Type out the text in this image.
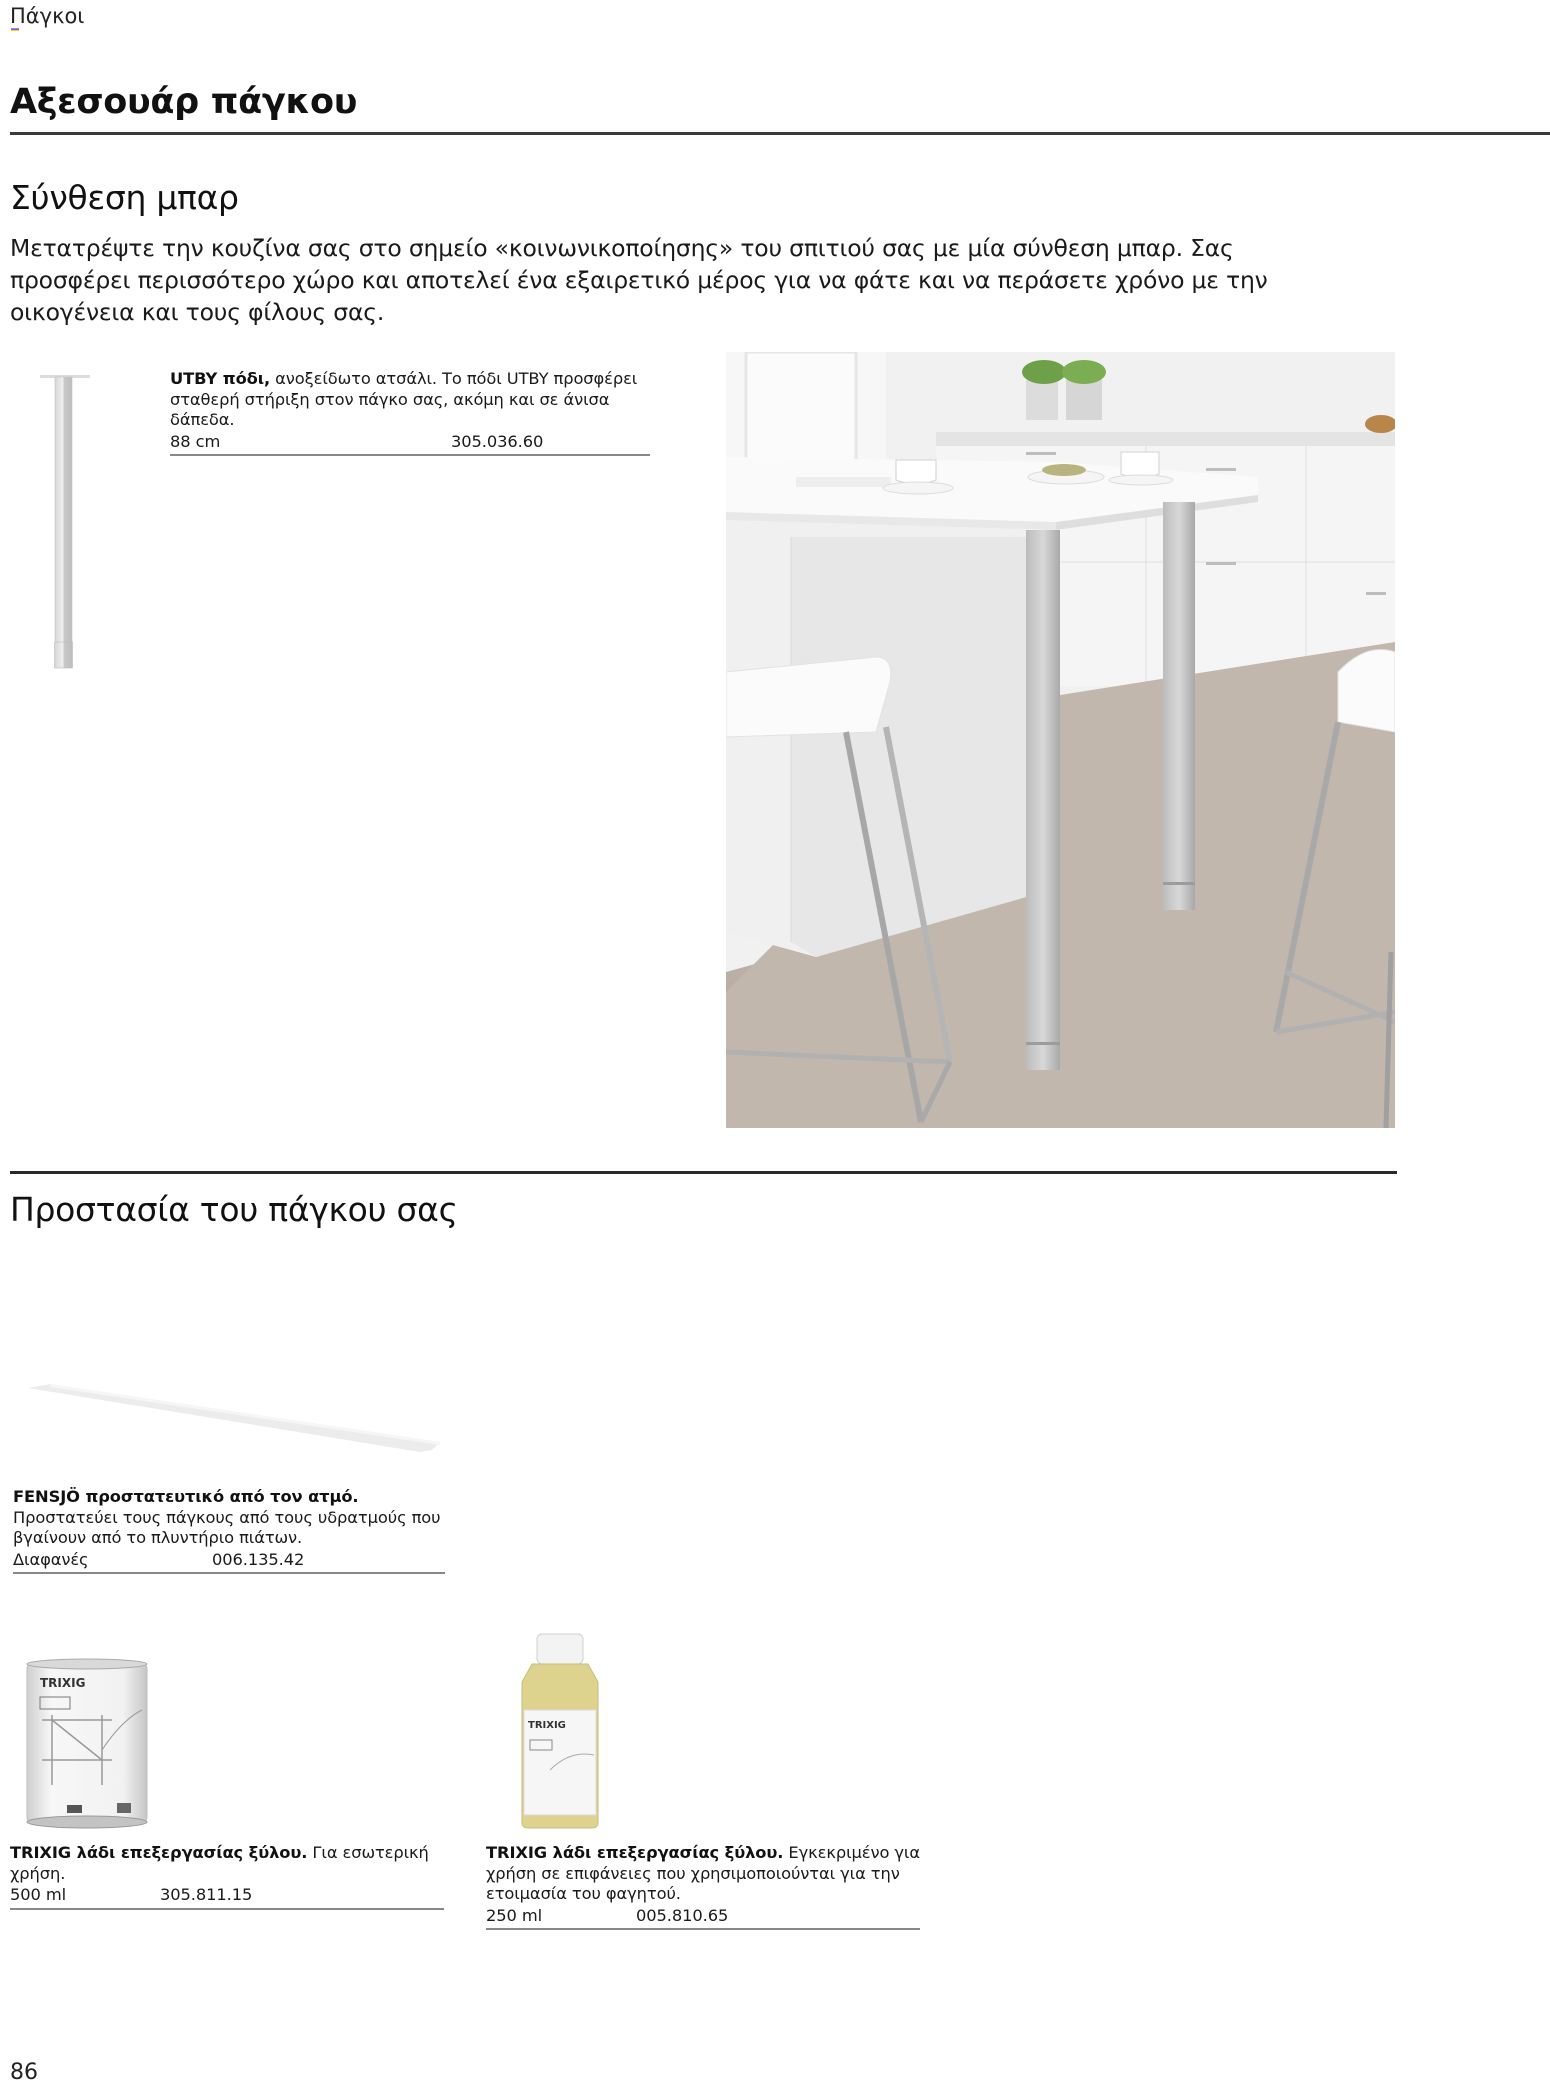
Πάγκοι
Αξεσουάρ πάγκου
Σύνθεση μπαρ

Μετατρέψτε την κουζίνα σας στο σημείο «κοινωνικοποίησης» του σπιτιού σας με μία σύνθεση μπαρ. Σας προσφέρει περισσότερο χώρο και αποτελεί ένα εξαιρετικό μέρος για να φάτε και να περάσετε χρόνο με την οικογένεια και τους φίλους σας.

UTBY πόδι, ανοξείδωτο ατσάλι. Το πόδι UTBY προσφέρει σταθερή στήριξη στον πάγκο σας, ακόμη και σε άνισα δάπεδα.

88 cm	305.036.60
Προστασία του πάγκου σας

FENSJÖ προστατευτικό από τον ατμό.

Προστατεύει τους πάγκους από τους υδρατμούς που βγαίνουν από το πλυντήριο πιάτων.

Διαφανές	006.135.42
TRIXIG
TRIXIG

TRIXIG λάδι επεξεργασίας ξύλου. Για εσωτερική χρήση.

500 ml	305.811.15

TRIXIG λάδι επεξεργασίας ξύλου. Εγκεκριμένο για χρήση σε επιφάνειες που χρησιμοποιούνται για την ετοιμασία του φαγητού.

250 ml	005.810.65
86
